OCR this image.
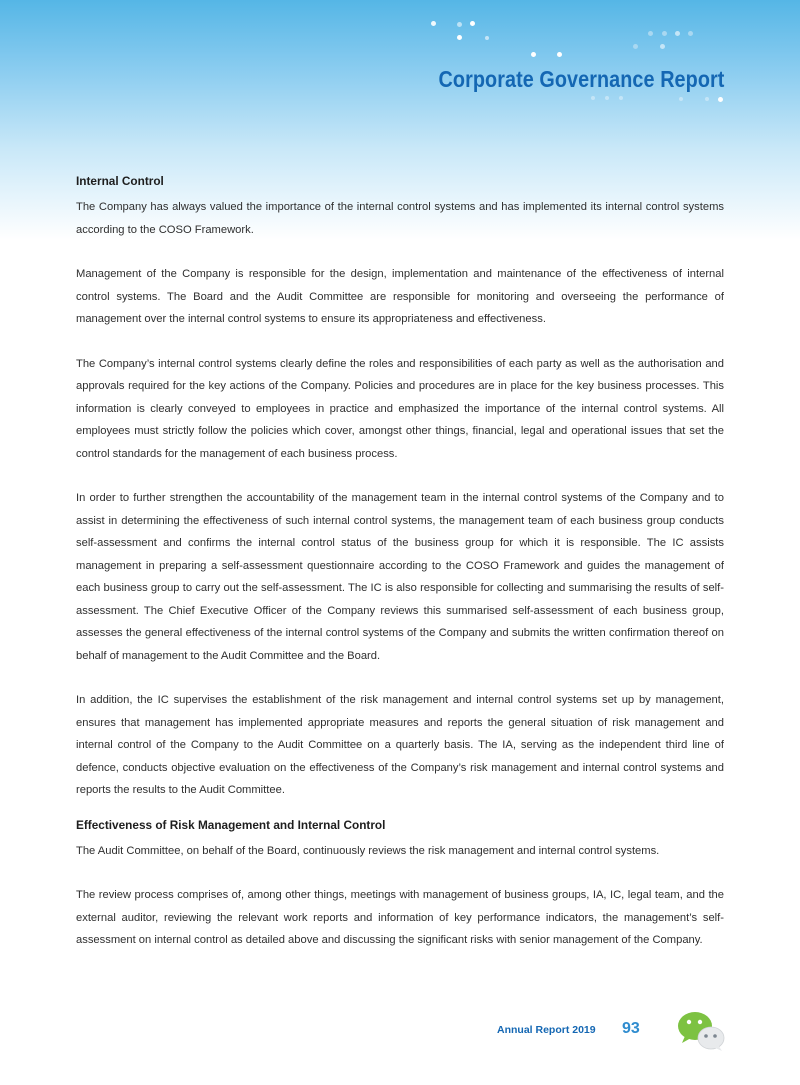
Corporate Governance Report
Internal Control

The Company has always valued the importance of the internal control systems and has implemented its internal control systems according to the COSO Framework.

Management of the Company is responsible for the design, implementation and maintenance of the effectiveness of internal control systems. The Board and the Audit Committee are responsible for monitoring and overseeing the performance of management over the internal control systems to ensure its appropriateness and effectiveness.

The Company’s internal control systems clearly define the roles and responsibilities of each party as well as the authorisation and approvals required for the key actions of the Company. Policies and procedures are in place for the key business processes. This information is clearly conveyed to employees in practice and emphasized the importance of the internal control systems. All employees must strictly follow the policies which cover, amongst other things, financial, legal and operational issues that set the control standards for the management of each business process.

In order to further strengthen the accountability of the management team in the internal control systems of the Company and to assist in determining the effectiveness of such internal control systems, the management team of each business group conducts self-assessment and confirms the internal control status of the business group for which it is responsible. The IC assists management in preparing a self-assessment questionnaire according to the COSO Framework and guides the management of each business group to carry out the self-assessment. The IC is also responsible for collecting and summarising the results of self-assessment. The Chief Executive Officer of the Company reviews this summarised self-assessment of each business group, assesses the general effectiveness of the internal control systems of the Company and submits the written confirmation thereof on behalf of management to the Audit Committee and the Board.

In addition, the IC supervises the establishment of the risk management and internal control systems set up by management, ensures that management has implemented appropriate measures and reports the general situation of risk management and internal control of the Company to the Audit Committee on a quarterly basis. The IA, serving as the independent third line of defence, conducts objective evaluation on the effectiveness of the Company’s risk management and internal control systems and reports the results to the Audit Committee.

Effectiveness of Risk Management and Internal Control

The Audit Committee, on behalf of the Board, continuously reviews the risk management and internal control systems.

The review process comprises of, among other things, meetings with management of business groups, IA, IC, legal team, and the external auditor, reviewing the relevant work reports and information of key performance indicators, the management’s self-assessment on internal control as detailed above and discussing the significant risks with senior management of the Company.

Annual Report 2019 93
